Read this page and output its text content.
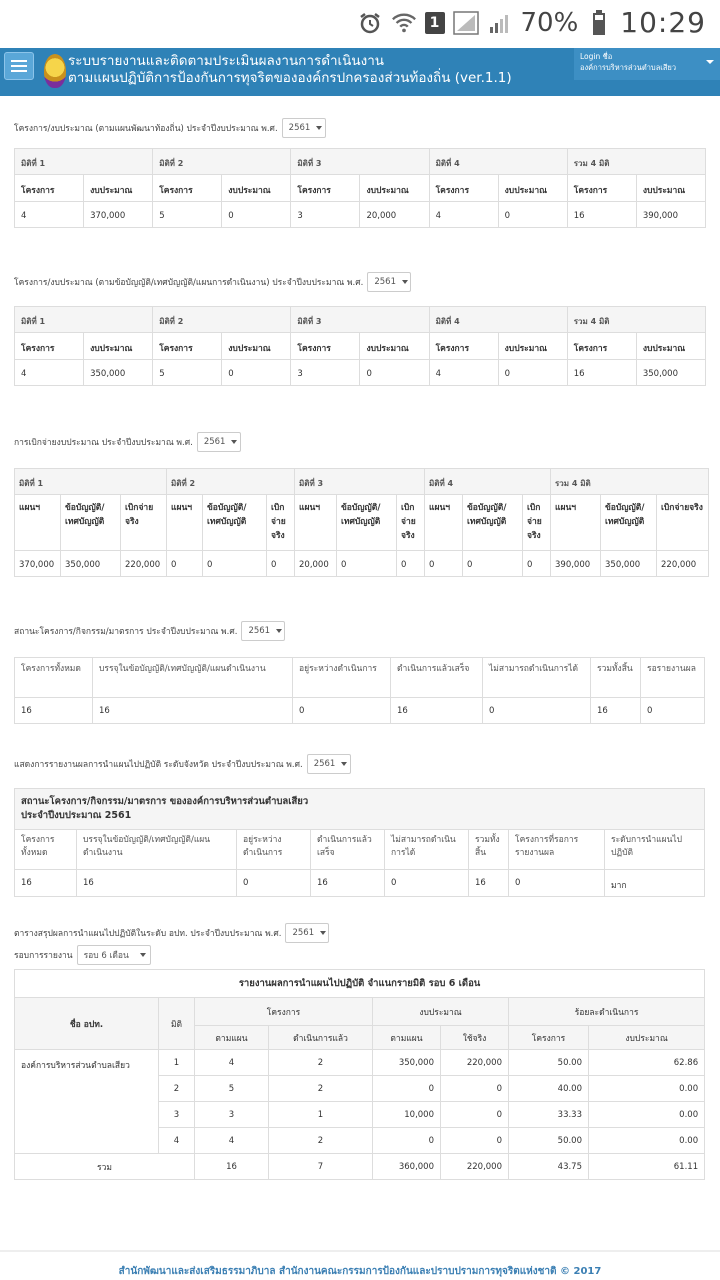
1	70% 10:29
ระบบรายงานและติดตามประเมินผลงานการดำเนินงาน
ตามแผนปฏิบัติการป้องกันการทุจริตขององค์กรปกครองส่วนท้องถิ่น (ver.1.1)
Login ชื่อ
องค์การบริหารส่วนตำบลเสียว
โครงการ/งบประมาณ (ตามแผนพัฒนาท้องถิ่น) ประจำปีงบประมาณ พ.ศ. 2561
มิติที่ 1		มิติที่ 2		มิติที่ 3		มิติที่ 4		รวม 4 มิติ	
โครงการ	งบประมาณ	โครงการ	งบประมาณ	โครงการ	งบประมาณ	โครงการ	งบประมาณ	โครงการ	งบประมาณ
4	370,000	5	0	3	20,000	4	0	16	390,000
โครงการ/งบประมาณ (ตามข้อบัญญัติ/เทศบัญญัติ/แผนการดำเนินงาน) ประจำปีงบประมาณ พ.ศ. 2561
มิติที่ 1		มิติที่ 2		มิติที่ 3		มิติที่ 4		รวม 4 มิติ	
โครงการ	งบประมาณ	โครงการ	งบประมาณ	โครงการ	งบประมาณ	โครงการ	งบประมาณ	โครงการ	งบประมาณ
4	350,000	5	0	3	0	4	0	16	350,000
การเบิกจ่ายงบประมาณ ประจำปีงบประมาณ พ.ศ. 2561
มิติที่ 1			มิติที่ 2			มิติที่ 3			มิติที่ 4			รวม 4 มิติ		
แผนฯ	ข้อบัญญัติ/เทศบัญญัติ	เบิกจ่ายจริง	แผนฯ	ข้อบัญญัติ/เทศบัญญัติ	เบิกจ่ายจริง	แผนฯ	ข้อบัญญัติ/เทศบัญญัติ	เบิกจ่ายจริง	แผนฯ	ข้อบัญญัติ/เทศบัญญัติ	เบิกจ่ายจริง	แผนฯ	ข้อบัญญัติ/เทศบัญญัติ	เบิกจ่ายจริง
370,000	350,000	220,000	0	0	0	20,000	0	0	0	0	0	390,000	350,000	220,000
สถานะโครงการ/กิจกรรม/มาตรการ ประจำปีงบประมาณ พ.ศ. 2561
โครงการทั้งหมด	บรรจุในข้อบัญญัติ/เทศบัญญัติ/แผนดำเนินงาน	อยู่ระหว่างดำเนินการ	ดำเนินการแล้วเสร็จ	ไม่สามารถดำเนินการได้	รวมทั้งสิ้น	รอรายงานผล
16	16	0	16	0	16	0
แสดงการรายงานผลการนำแผนไปปฏิบัติ ระดับจังหวัด ประจำปีงบประมาณ พ.ศ. 2561
สถานะโครงการ/กิจกรรม/มาตรการ ขององค์การบริหารส่วนตำบลเสียว
ประจำปีงบประมาณ 2561							

โครงการทั้งหมด	บรรจุในข้อบัญญัติ/เทศบัญญัติ/แผนดำเนินงาน	อยู่ระหว่างดำเนินการ	ดำเนินการแล้วเสร็จ	ไม่สามารถดำเนินการได้	รวมทั้งสิ้น	โครงการที่รอการรายงานผล	ระดับการนำแผนไปปฏิบัติ
16	16	0	16	0	16	0	มาก
ตารางสรุปผลการนำแผนไปปฏิบัติในระดับ อปท. ประจำปีงบประมาณ พ.ศ. 2561
รอบการรายงาน รอบ 6 เดือน
รายงานผลการนำแผนไปปฏิบัติ จำแนกรายมิติ รอบ 6 เดือน							
ชื่อ อปท.	มิติ	โครงการ		งบประมาณ		ร้อยละดำเนินการ	
		ตามแผน	ดำเนินการแล้ว	ตามแผน	ใช้จริง	โครงการ	งบประมาณ
องค์การบริหารส่วนตำบลเสียว	1	4	2	350,000	220,000	50.00	62.86
	2	5	2	0	0	40.00	0.00
	3	3	1	10,000	0	33.33	0.00
	4	4	2	0	0	50.00	0.00
รวม		16	7	360,000	220,000	43.75	61.11
สำนักพัฒนาและส่งเสริมธรรมาภิบาล สำนักงานคณะกรรมการป้องกันและปราบปรามการทุจริตแห่งชาติ © 2017
